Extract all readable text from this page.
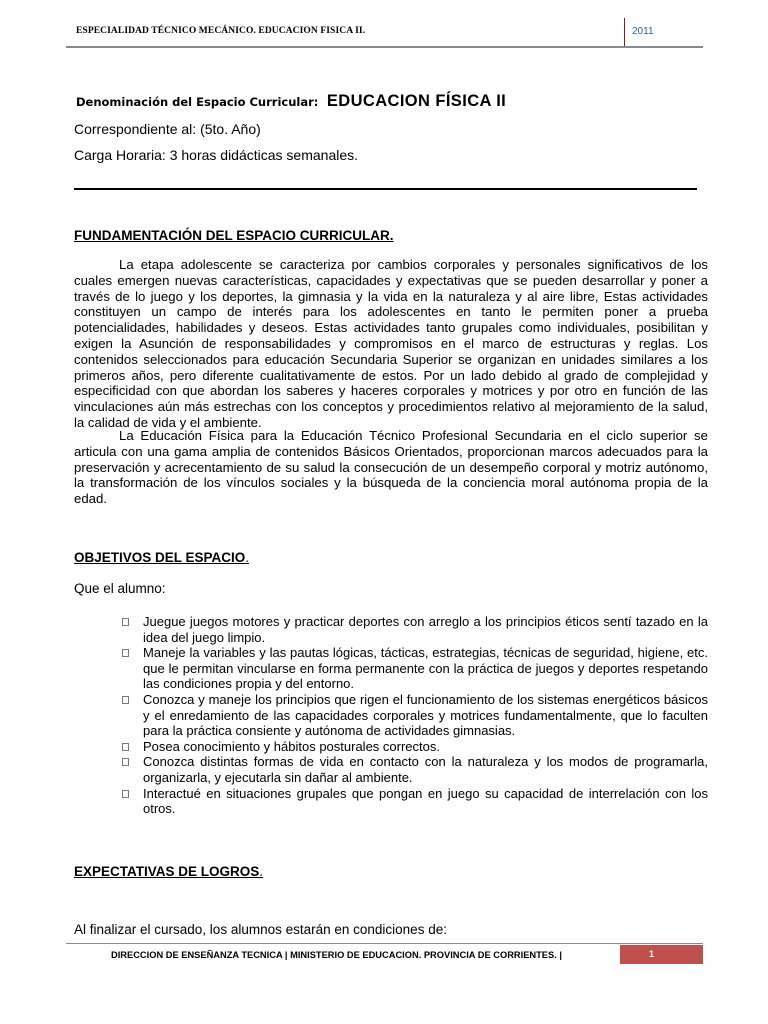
ESPECIALIDAD TÉCNICO MECÁNICO. EDUCACION FISICA II.	2011
Denominación del Espacio Curricular: EDUCACION FÍSICA II
Correspondiente al: (5to. Año)
Carga Horaria: 3 horas didácticas semanales.
FUNDAMENTACIÓN DEL ESPACIO CURRICULAR.
La etapa adolescente se caracteriza por cambios corporales y personales significativos de los cuales emergen nuevas características, capacidades y expectativas que se pueden desarrollar y poner a través de lo juego y los deportes, la gimnasia y la vida en la naturaleza y al aire libre, Estas actividades constituyen un campo de interés para los adolescentes en tanto le permiten poner a prueba potencialidades, habilidades y deseos. Estas actividades tanto grupales como individuales, posibilitan y exigen la Asunción de responsabilidades y compromisos en el marco de estructuras y reglas. Los contenidos seleccionados para educación Secundaria Superior se organizan en unidades similares a los primeros años, pero diferente cualitativamente de estos. Por un lado debido al grado de complejidad y especificidad con que abordan los saberes y haceres corporales y motrices y por otro en función de las vinculaciones aún más estrechas con los conceptos y procedimientos relativo al mejoramiento de la salud, la calidad de vida y el ambiente.
La Educación Física para la Educación Técnico Profesional Secundaria en el ciclo superior se articula con una gama amplia de contenidos Básicos Orientados, proporcionan marcos adecuados para la preservación y acrecentamiento de su salud la consecución de un desempeño corporal y motriz autónomo, la transformación de los vínculos sociales y la búsqueda de la conciencia moral autónoma propia de la edad.
OBJETIVOS DEL ESPACIO.
Que el alumno:
Juegue juegos motores y practicar deportes con arreglo a los principios éticos sentí tazado en la idea del juego limpio.
Maneje la variables y las pautas lógicas, tácticas, estrategias, técnicas de seguridad, higiene, etc. que le permitan vincularse en forma permanente con la práctica de juegos y deportes respetando las condiciones propia y del entorno.
Conozca y maneje los principios que rigen el funcionamiento de los sistemas energéticos básicos y el enredamiento de las capacidades corporales y motrices fundamentalmente, que lo faculten para la práctica consiente y autónoma de actividades gimnasias.
Posea conocimiento y hábitos posturales correctos.
Conozca distintas formas de vida en contacto con la naturaleza y los modos de programarla, organizarla, y ejecutarla sin dañar al ambiente.
Interactué en situaciones grupales que pongan en juego su capacidad de interrelación con los otros.
EXPECTATIVAS DE LOGROS.
Al finalizar el cursado, los alumnos estarán en condiciones de:
DIRECCION DE ENSEÑANZA TECNICA | MINISTERIO DE EDUCACION. PROVINCIA DE CORRIENTES. |	1
